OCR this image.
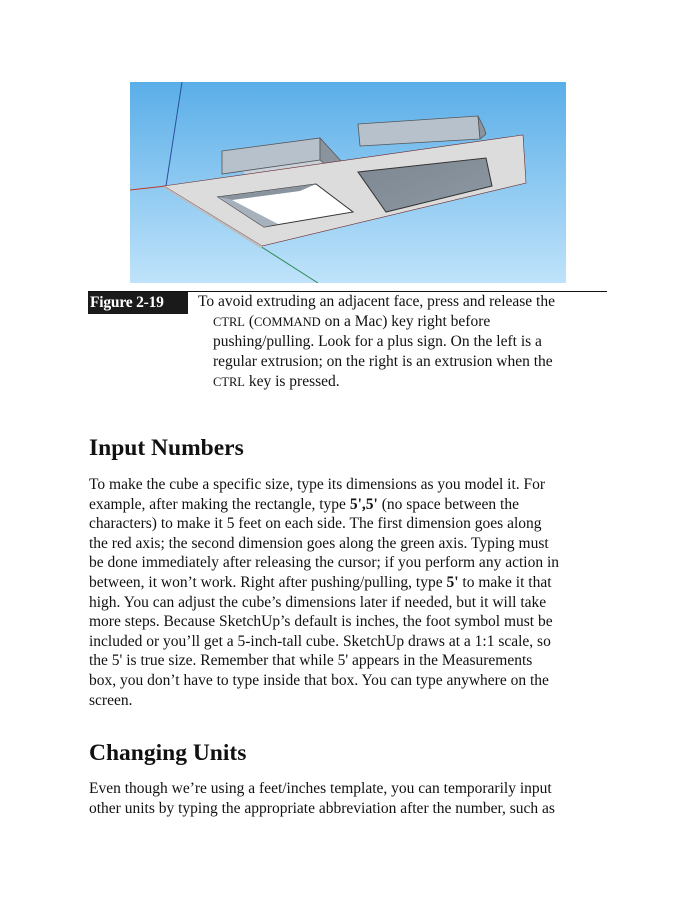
Figure 2-19	To avoid extruding an adjacent face, press and release the
CTRL (COMMAND on a Mac) key right before
pushing/pulling. Look for a plus sign. On the left is a
regular extrusion; on the right is an extrusion when the
CTRL key is pressed.
Input Numbers
To make the cube a specific size, type its dimensions as you model it. For
example, after making the rectangle, type 5',5' (no space between the
characters) to make it 5 feet on each side. The first dimension goes along
the red axis; the second dimension goes along the green axis. Typing must
be done immediately after releasing the cursor; if you perform any action in
between, it won’t work. Right after pushing/pulling, type 5' to make it that
high. You can adjust the cube’s dimensions later if needed, but it will take
more steps. Because SketchUp’s default is inches, the foot symbol must be
included or you’ll get a 5-inch-tall cube. SketchUp draws at a 1:1 scale, so
the 5' is true size. Remember that while 5' appears in the Measurements
box, you don’t have to type inside that box. You can type anywhere on the
screen.
Changing Units
Even though we’re using a feet/inches template, you can temporarily input
other units by typing the appropriate abbreviation after the number, such as
